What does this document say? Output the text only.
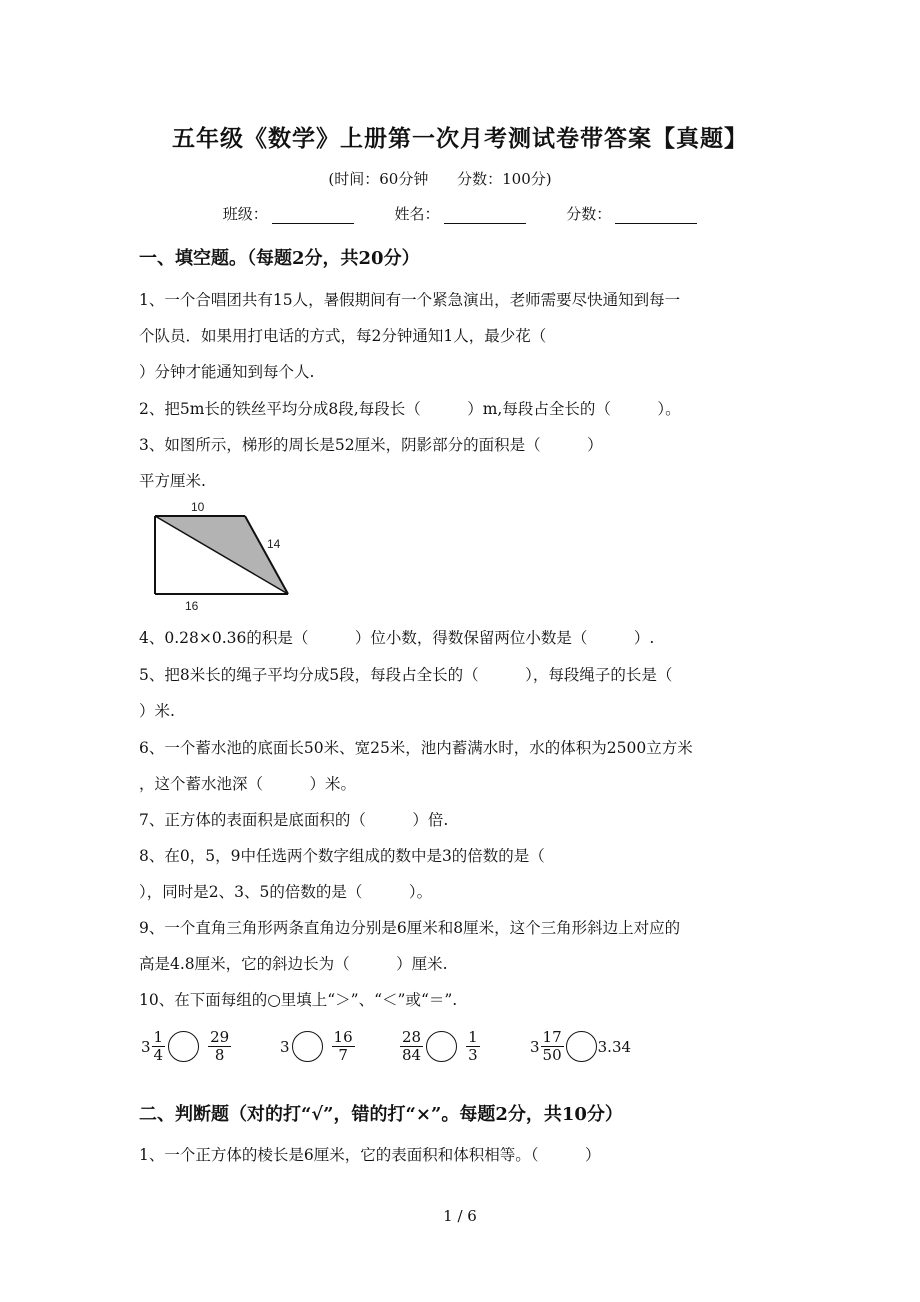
五年级《数学》上册第一次月考测试卷带答案【真题】
(时间：60分钟 分数：100分)
班级：	姓名：	分数：
一、填空题。（每题2分，共20分）
1、一个合唱团共有15人，暑假期间有一个紧急演出，老师需要尽快通知到每一
个队员．如果用打电话的方式，每2分钟通知1人，最少花（
）分钟才能通知到每个人.
2、把5m长的铁丝平均分成8段,每段长（　　　）m,每段占全长的（　　　）。
3、如图所示，梯形的周长是52厘米，阴影部分的面积是（　　　）
平方厘米.
10
14
16
4、0.28×0.36的积是（　　　）位小数，得数保留两位小数是（　　　）.
5、把8米长的绳子平均分成5段，每段占全长的（　　　），每段绳子的长是（
）米.
6、一个蓄水池的底面长50米、宽25米，池内蓄满水时，水的体积为2500立方米
，这个蓄水池深（　　　）米。
7、正方体的表面积是底面积的（　　　）倍.
8、在0，5，9中任选两个数字组成的数中是3的倍数的是（
），同时是2、3、5的倍数的是（　　　）。
9、一个直角三角形两条直角边分别是6厘米和8厘米，这个三角形斜边上对应的
高是4.8厘米，它的斜边长为（　　　）厘米.
10、在下面每组的○里填上“＞”、“＜”或“＝”.
$3 \frac{1}{4}$	$\frac{29}{8}$	3	$\frac{16}{7}$	$\frac{28}{84}$	$\frac{1}{3}$	$3 \frac{17}{50} 3.34$
二、判断题（对的打“√”，错的打“×”。每题2分，共10分）
1、一个正方体的棱长是6厘米，它的表面积和体积相等。（　　　）
1 / 6
